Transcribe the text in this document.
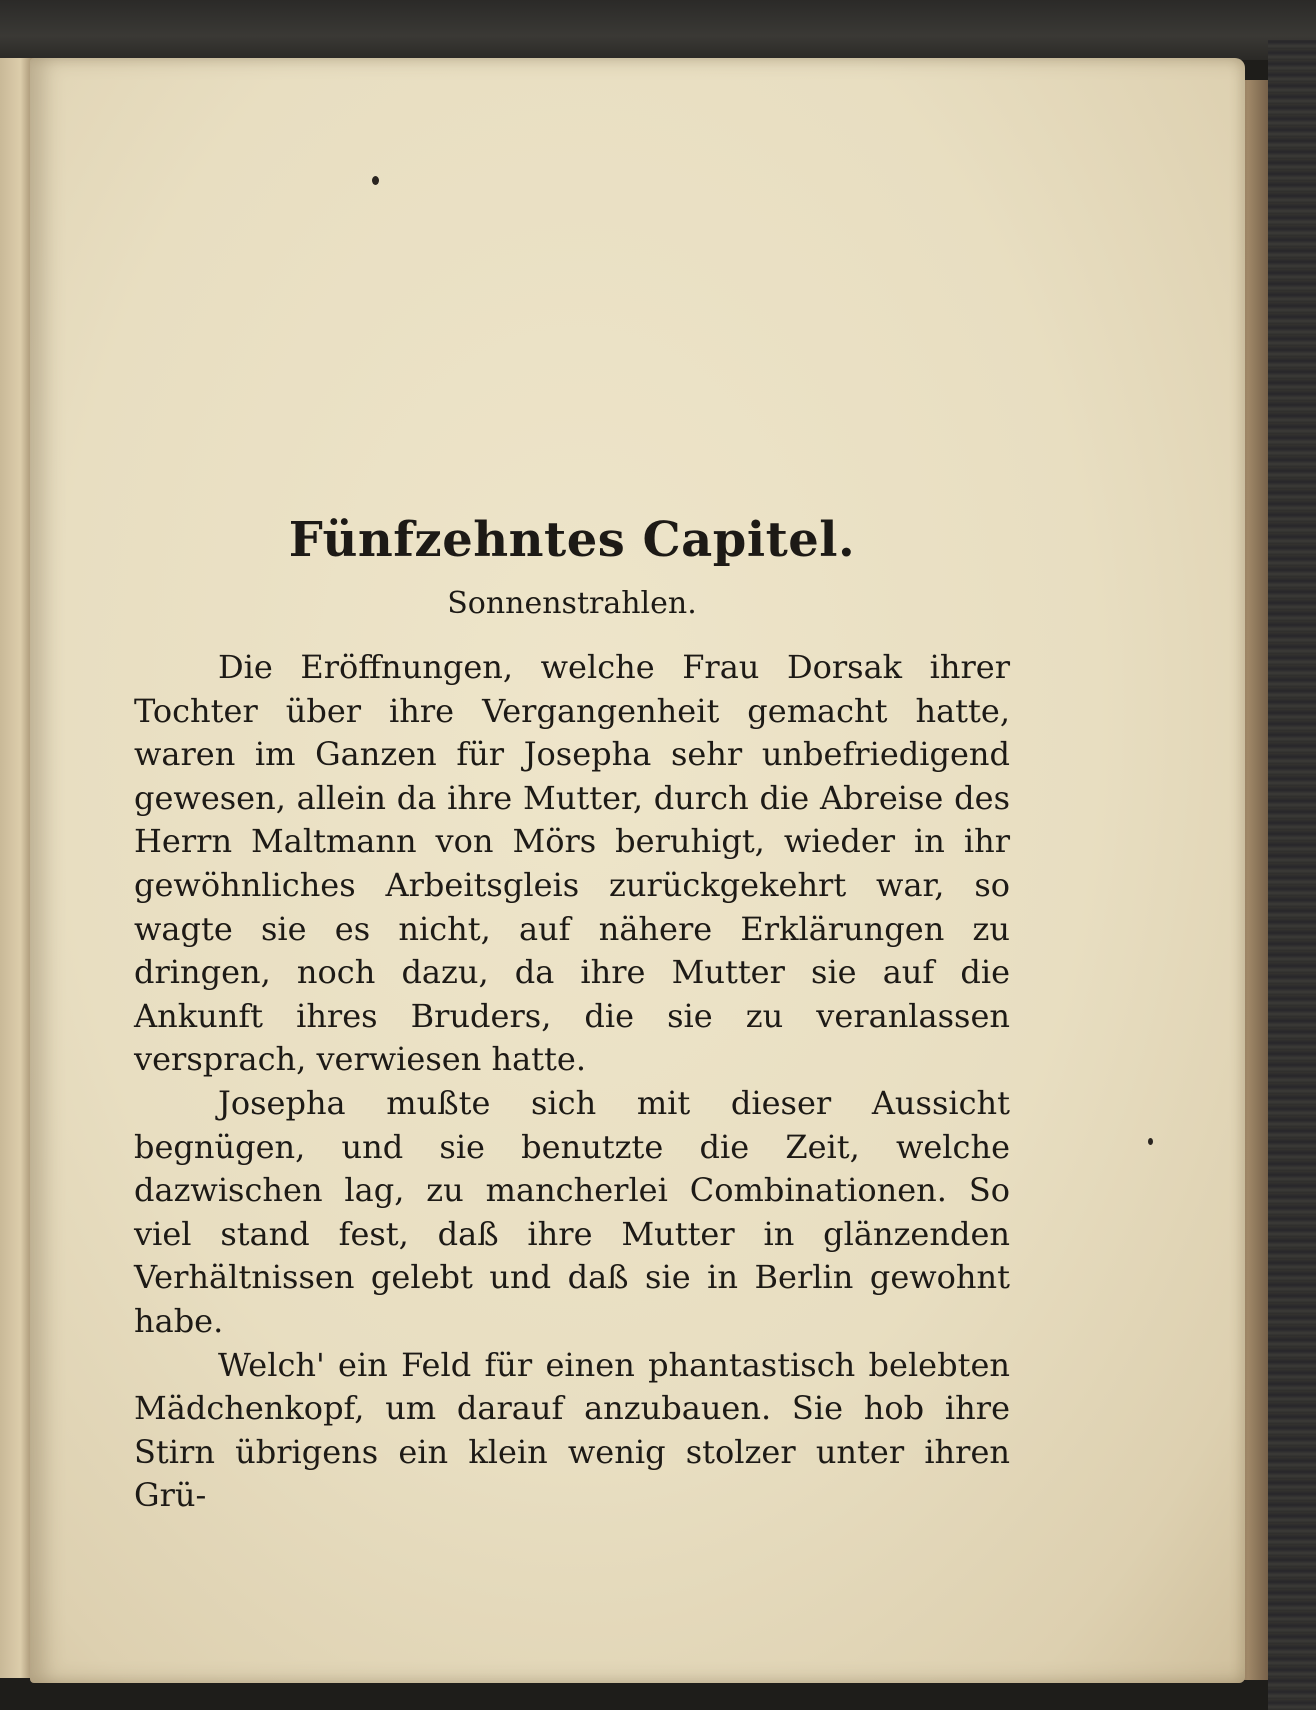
Fünfzehntes Capitel.
Sonnenstrahlen.

Die Eröffnungen, welche Frau Dorsak ihrer Tochter über ihre Vergangenheit gemacht hatte, waren im Ganzen für Josepha sehr unbefriedigend gewesen, allein da ihre Mutter, durch die Abreise des Herrn Maltmann von Mörs beruhigt, wieder in ihr gewöhnliches Arbeitsgleis zurückgekehrt war, so wagte sie es nicht, auf nähere Erklärungen zu dringen, noch dazu, da ihre Mutter sie auf die Ankunft ihres Bruders, die sie zu veranlassen versprach, verwiesen hatte.

Josepha mußte sich mit dieser Aussicht begnügen, und sie benutzte die Zeit, welche dazwischen lag, zu mancherlei Combinationen. So viel stand fest, daß ihre Mutter in glänzenden Verhältnissen gelebt und daß sie in Berlin gewohnt habe.

Welch' ein Feld für einen phantastisch belebten Mädchenkopf, um darauf anzubauen. Sie hob ihre Stirn übrigens ein klein wenig stolzer unter ihren Grü-
